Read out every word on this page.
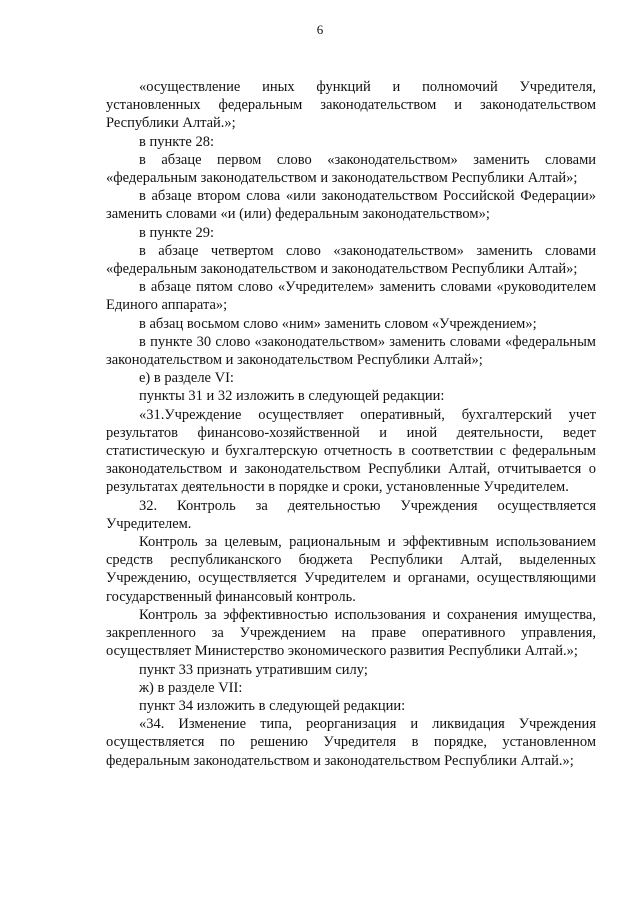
6

«осуществление иных функций и полномочий Учредителя, установленных федеральным законодательством и законодательством Республики Алтай.»;

в пункте 28:

в абзаце первом слово «законодательством» заменить словами «федеральным законодательством и законодательством Республики Алтай»;

в абзаце втором слова «или законодательством Российской Федерации» заменить словами «и (или) федеральным законодательством»;

в пункте 29:

в абзаце четвертом слово «законодательством» заменить словами «федеральным законодательством и законодательством Республики Алтай»;

в абзаце пятом слово «Учредителем» заменить словами «руководителем Единого аппарата»;

в абзац восьмом слово «ним» заменить словом «Учреждением»;

в пункте 30 слово «законодательством» заменить словами «федеральным законодательством и законодательством Республики Алтай»;

е) в разделе VI:

пункты 31 и 32 изложить в следующей редакции:

«31.Учреждение осуществляет оперативный, бухгалтерский учет результатов финансово-хозяйственной и иной деятельности, ведет статистическую и бухгалтерскую отчетность в соответствии с федеральным законодательством и законодательством Республики Алтай, отчитывается о результатах деятельности в порядке и сроки, установленные Учредителем.

32. Контроль за деятельностью Учреждения осуществляется Учредителем.

Контроль за целевым, рациональным и эффективным использованием средств республиканского бюджета Республики Алтай, выделенных Учреждению, осуществляется Учредителем и органами, осуществляющими государственный финансовый контроль.

Контроль за эффективностью использования и сохранения имущества, закрепленного за Учреждением на праве оперативного управления, осуществляет Министерство экономического развития Республики Алтай.»;

пункт 33 признать утратившим силу;

ж) в разделе VII:

пункт 34 изложить в следующей редакции:

«34. Изменение типа, реорганизация и ликвидация Учреждения осуществляется по решению Учредителя в порядке, установленном федеральным законодательством и законодательством Республики Алтай.»;
